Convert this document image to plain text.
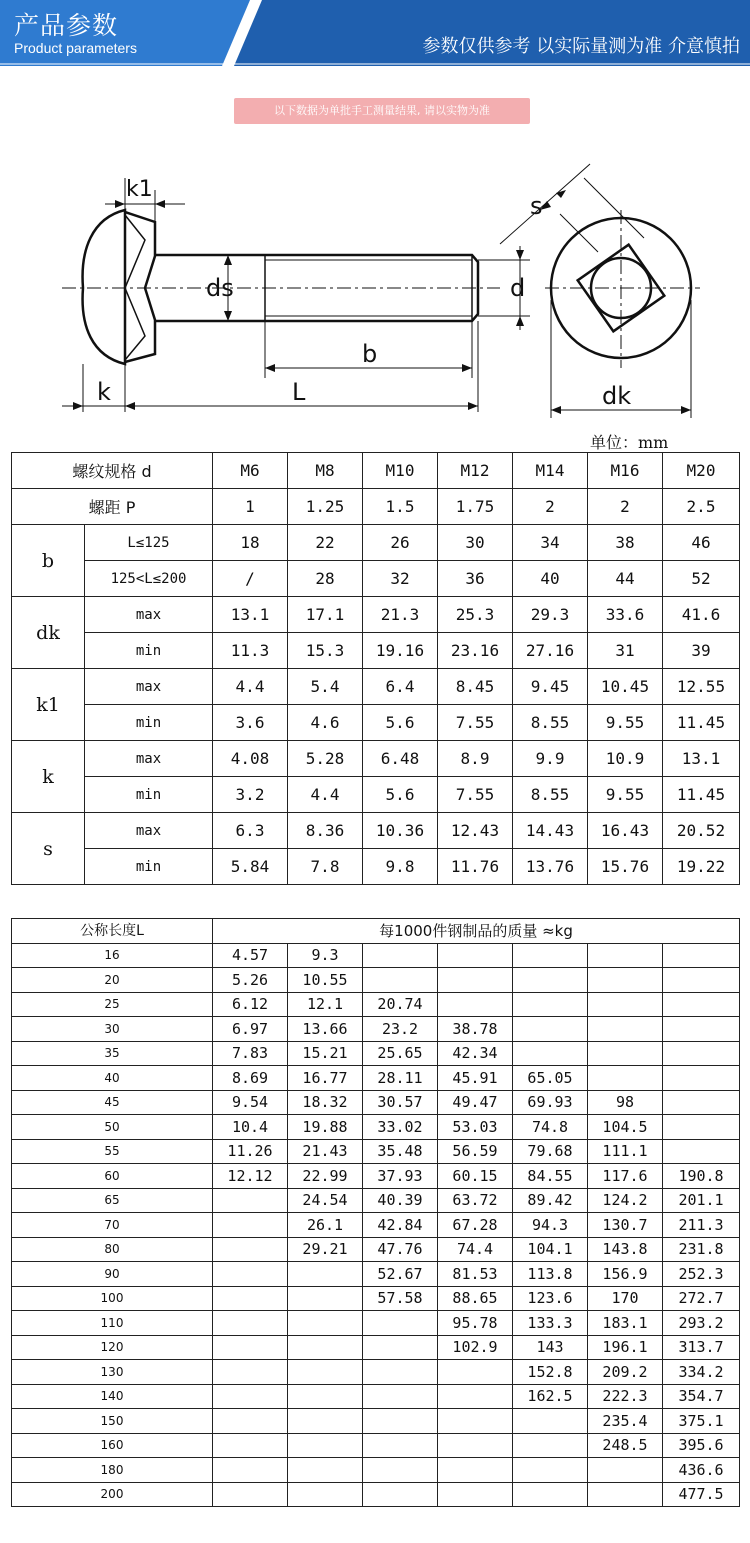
产品参数
Product parameters	参数仅供参考 以实际量测为准 介意慎拍
以下数据为单批手工测量结果, 请以实物为准
k1
ds	d
b
k	L
s
dk
单位：mm
螺纹规格 d		M6	M8	M10	M12	M14	M16	M20
螺距 P		1	1.25	1.5	1.75	2	2	2.5
b	L≤125	18	22	26	30	34	38	46
	125<L≤200	/	28	32	36	40	44	52
dk	max	13.1	17.1	21.3	25.3	29.3	33.6	41.6
	min	11.3	15.3	19.16	23.16	27.16	31	39
k1	max	4.4	5.4	6.4	8.45	9.45	10.45	12.55
	min	3.6	4.6	5.6	7.55	8.55	9.55	11.45
k	max	4.08	5.28	6.48	8.9	9.9	10.9	13.1
	min	3.2	4.4	5.6	7.55	8.55	9.55	11.45
s	max	6.3	8.36	10.36	12.43	14.43	16.43	20.52
	min	5.84	7.8	9.8	11.76	13.76	15.76	19.22
公称长度L	每1000件钢制品的质量 ≈kg						
16	4.57	9.3					
20	5.26	10.55					
25	6.12	12.1	20.74				
30	6.97	13.66	23.2	38.78			
35	7.83	15.21	25.65	42.34			
40	8.69	16.77	28.11	45.91	65.05		
45	9.54	18.32	30.57	49.47	69.93	98	
50	10.4	19.88	33.02	53.03	74.8	104.5	
55	11.26	21.43	35.48	56.59	79.68	111.1	
60	12.12	22.99	37.93	60.15	84.55	117.6	190.8
65		24.54	40.39	63.72	89.42	124.2	201.1
70		26.1	42.84	67.28	94.3	130.7	211.3
80		29.21	47.76	74.4	104.1	143.8	231.8
90			52.67	81.53	113.8	156.9	252.3
100			57.58	88.65	123.6	170	272.7
110				95.78	133.3	183.1	293.2
120				102.9	143	196.1	313.7
130					152.8	209.2	334.2
140					162.5	222.3	354.7
150						235.4	375.1
160						248.5	395.6
180							436.6
200							477.5
